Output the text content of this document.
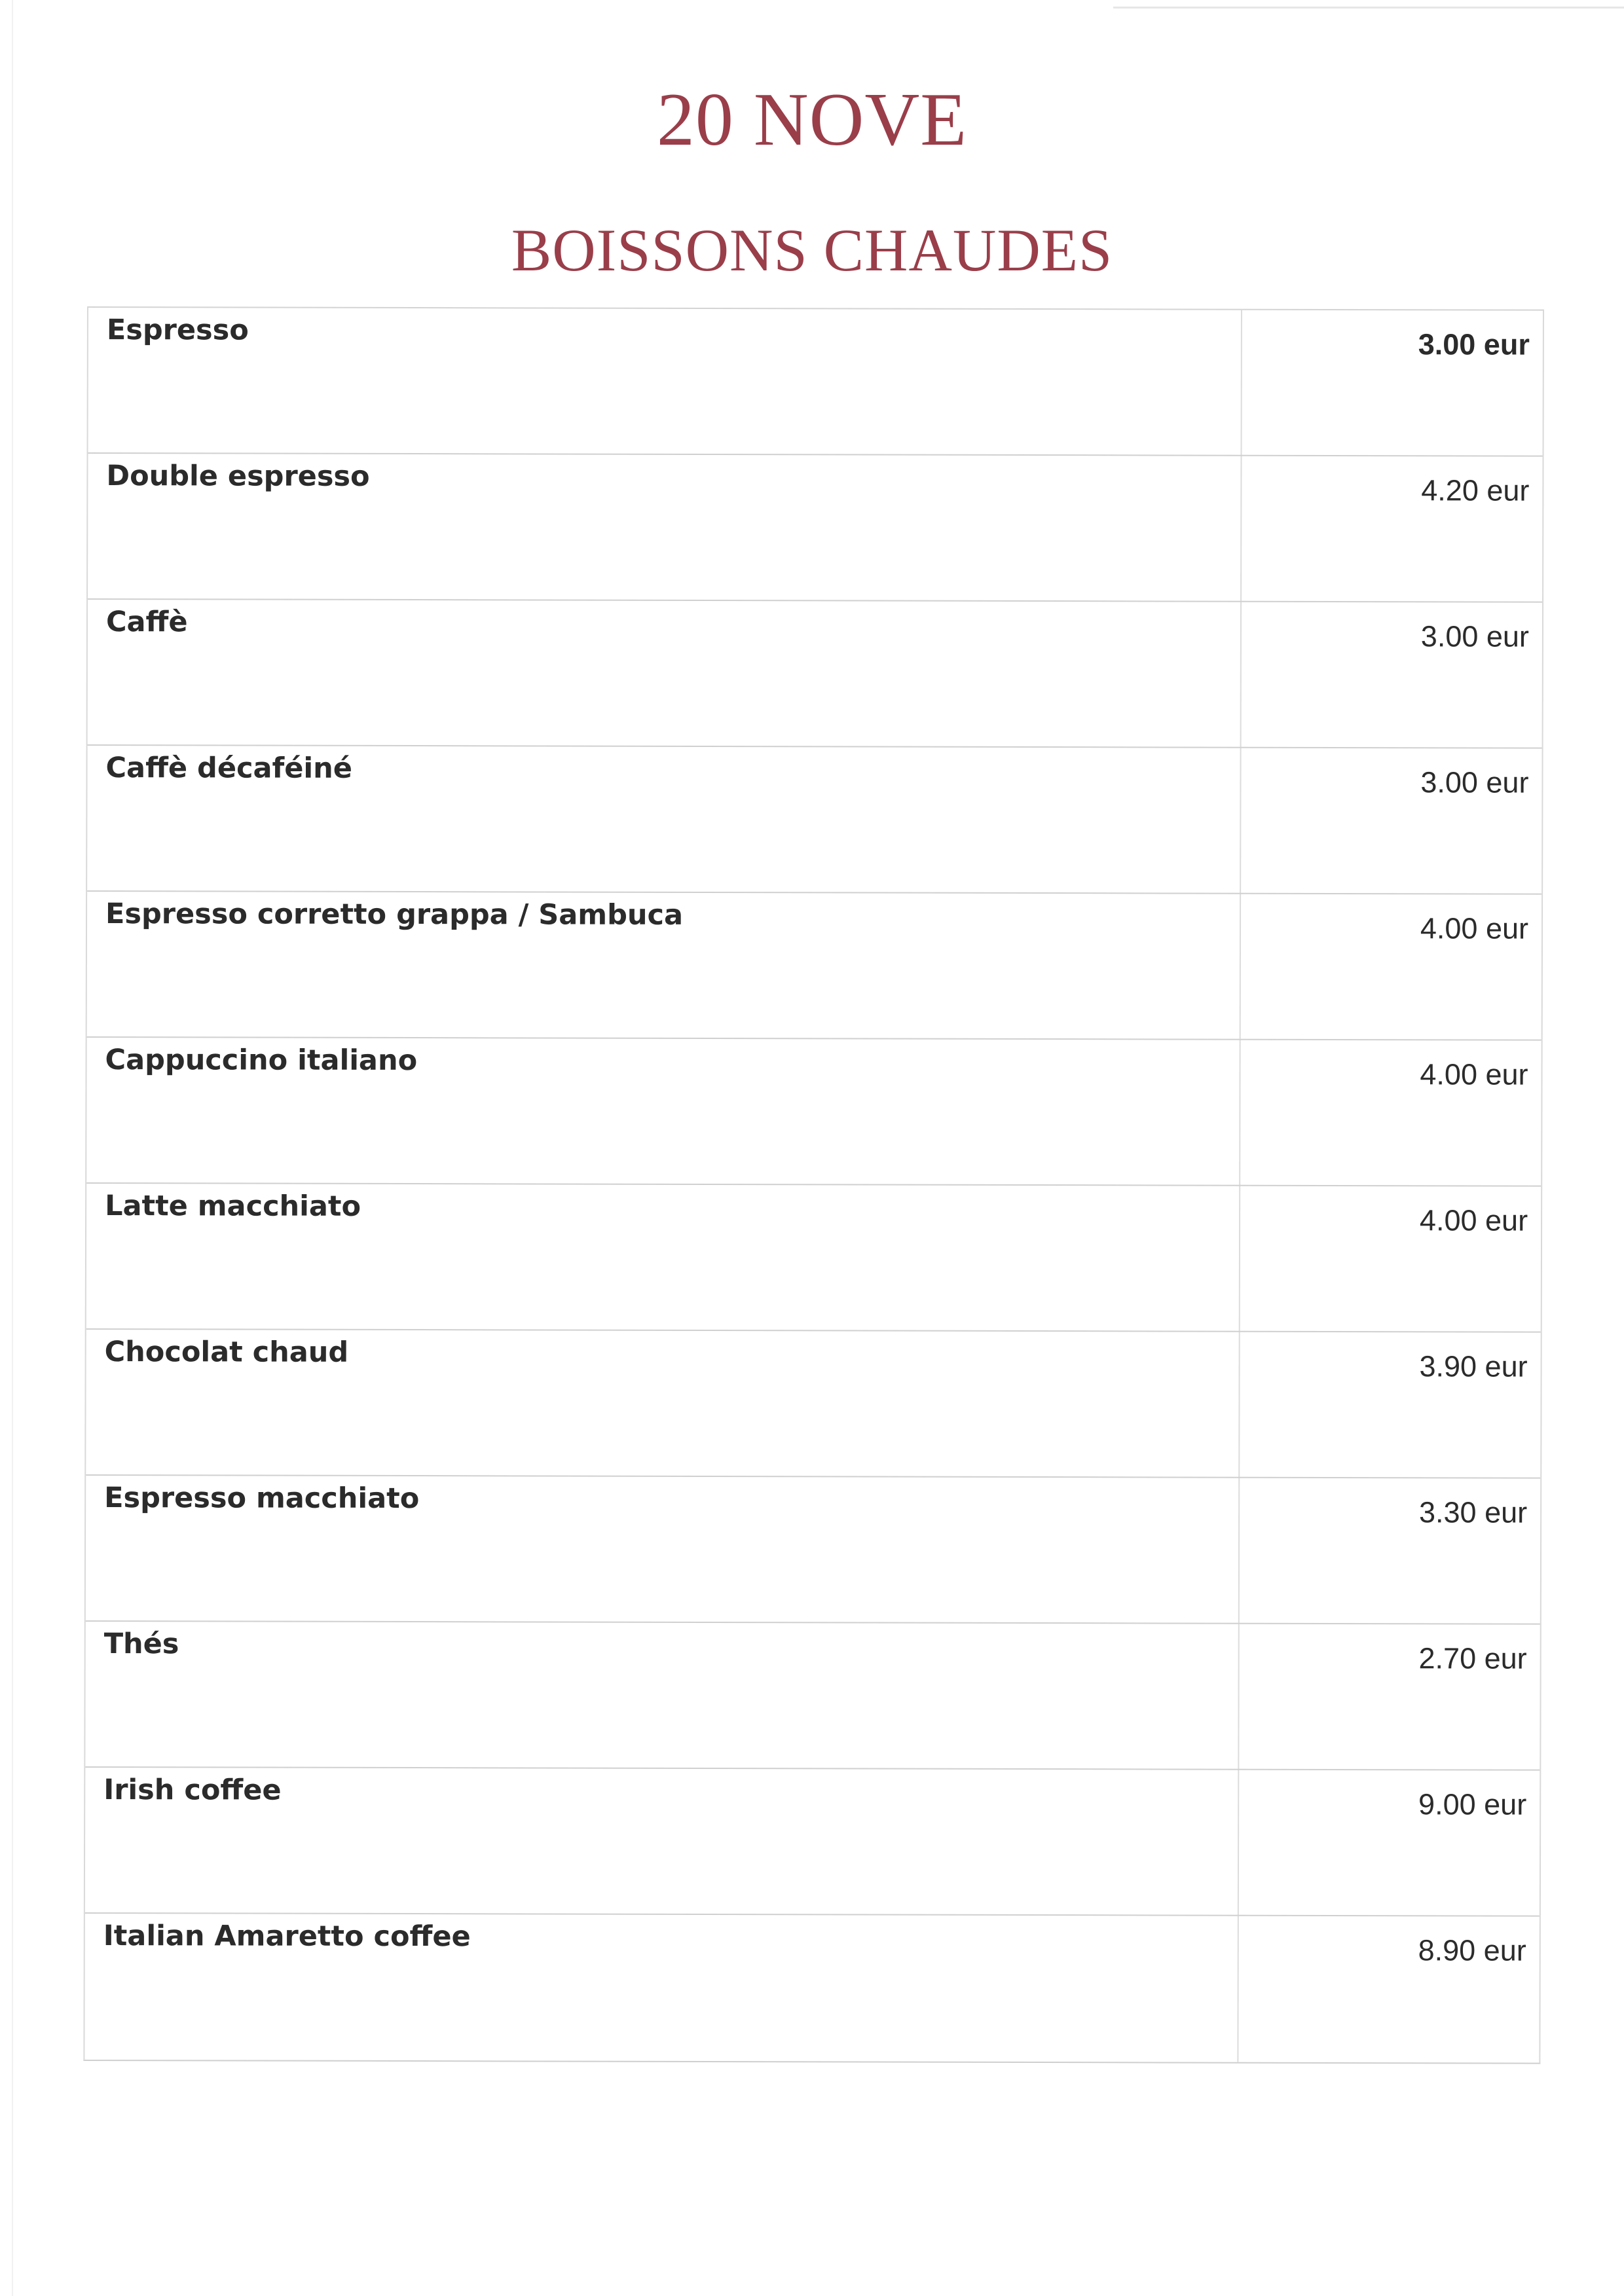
20 NOVE
BOISSONS CHAUDES
Espresso	3.00 eur
Double espresso	4.20 eur
Caffè	3.00 eur
Caffè décaféiné	3.00 eur
Espresso corretto grappa / Sambuca	4.00 eur
Cappuccino italiano	4.00 eur
Latte macchiato	4.00 eur
Chocolat chaud	3.90 eur
Espresso macchiato	3.30 eur
Thés	2.70 eur
Irish coffee	9.00 eur
Italian Amaretto coffee	8.90 eur
